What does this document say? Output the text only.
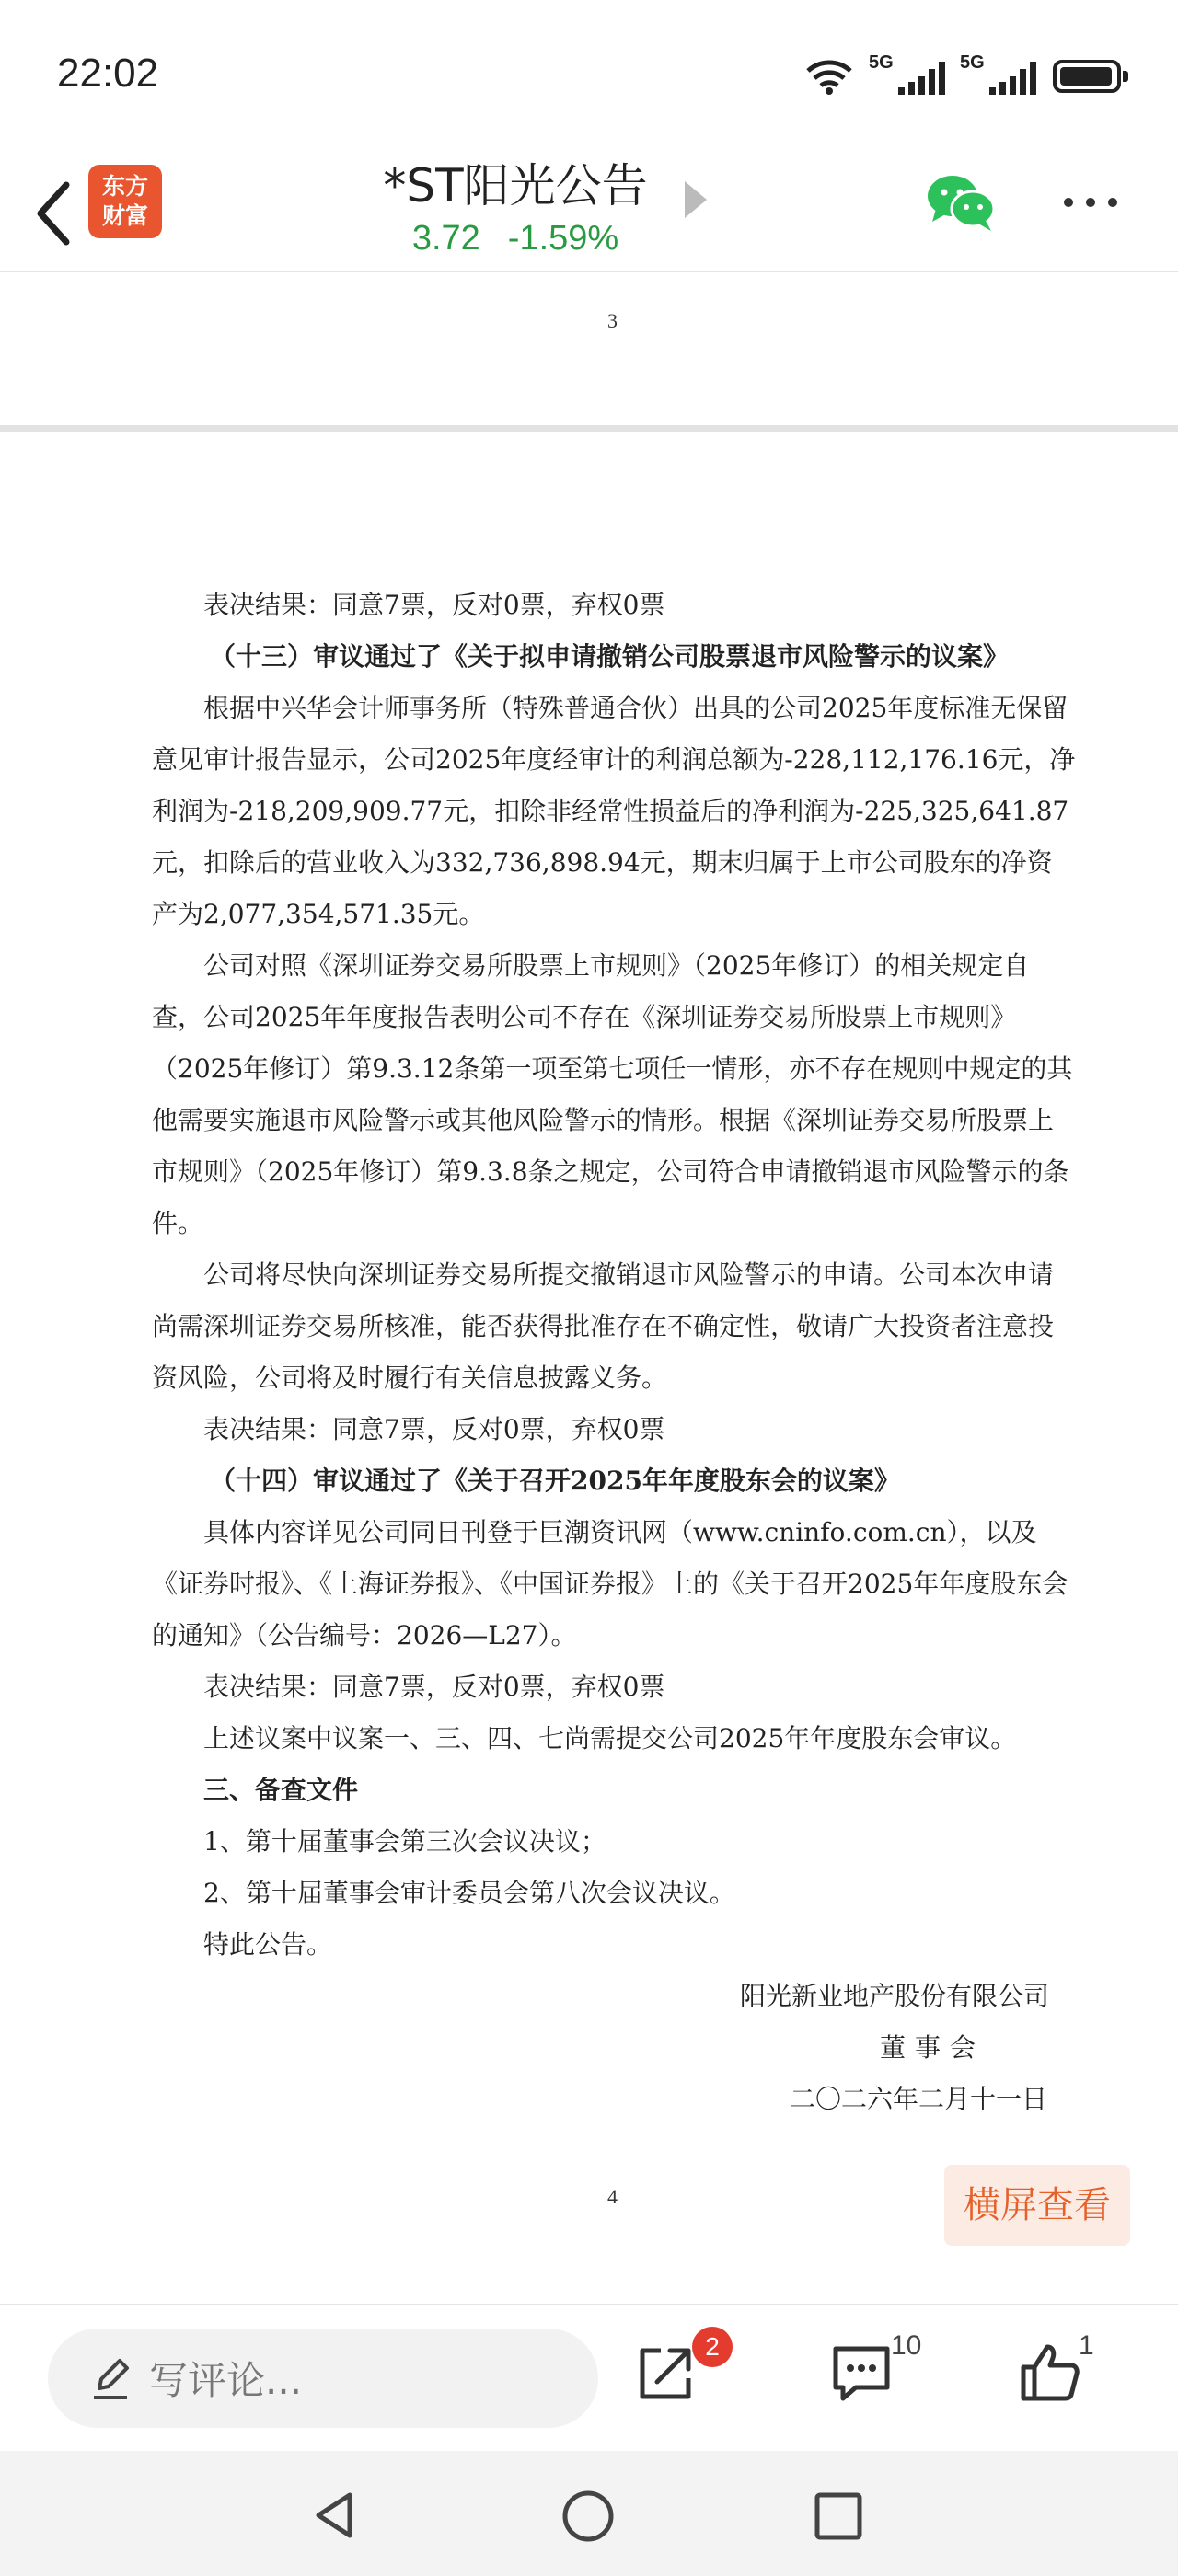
22:02	5G	5G
东方
财富
*ST阳光公告
3.72 -1.59%
3

表决结果：同意7票，反对0票，弃权0票

（十三）审议通过了《关于拟申请撤销公司股票退市风险警示的议案》

根据中兴华会计师事务所（特殊普通合伙）出具的公司2025年度标准无保留意见审计报告显示，公司2025年度经审计的利润总额为-228,112,176.16元，净利润为-218,209,909.77元，扣除非经常性损益后的净利润为-225,325,641.87元，扣除后的营业收入为332,736,898.94元，期末归属于上市公司股东的净资产为2,077,354,571.35元。

公司对照《深圳证券交易所股票上市规则》（2025年修订）的相关规定自查，公司2025年年度报告表明公司不存在《深圳证券交易所股票上市规则》（2025年修订）第9.3.12条第一项至第七项任一情形，亦不存在规则中规定的其他需要实施退市风险警示或其他风险警示的情形。根据《深圳证券交易所股票上市规则》（2025年修订）第9.3.8条之规定，公司符合申请撤销退市风险警示的条件。

公司将尽快向深圳证券交易所提交撤销退市风险警示的申请。公司本次申请尚需深圳证券交易所核准，能否获得批准存在不确定性，敬请广大投资者注意投资风险，公司将及时履行有关信息披露义务。

表决结果：同意7票，反对0票，弃权0票

（十四）审议通过了《关于召开2025年年度股东会的议案》

具体内容详见公司同日刊登于巨潮资讯网（www.cninfo.com.cn），以及《证券时报》、《上海证券报》、《中国证券报》上的《关于召开2025年年度股东会的通知》（公告编号：2026—L27）。

表决结果：同意7票，反对0票，弃权0票

上述议案中议案一、三、四、七尚需提交公司2025年年度股东会审议。

三、备查文件

1、第十届董事会第三次会议决议；

2、第十届董事会审计委员会第八次会议决议。

特此公告。

阳光新业地产股份有限公司

董事会

二〇二六年二月十一日

4	横屏查看
写评论...
2	10	1
